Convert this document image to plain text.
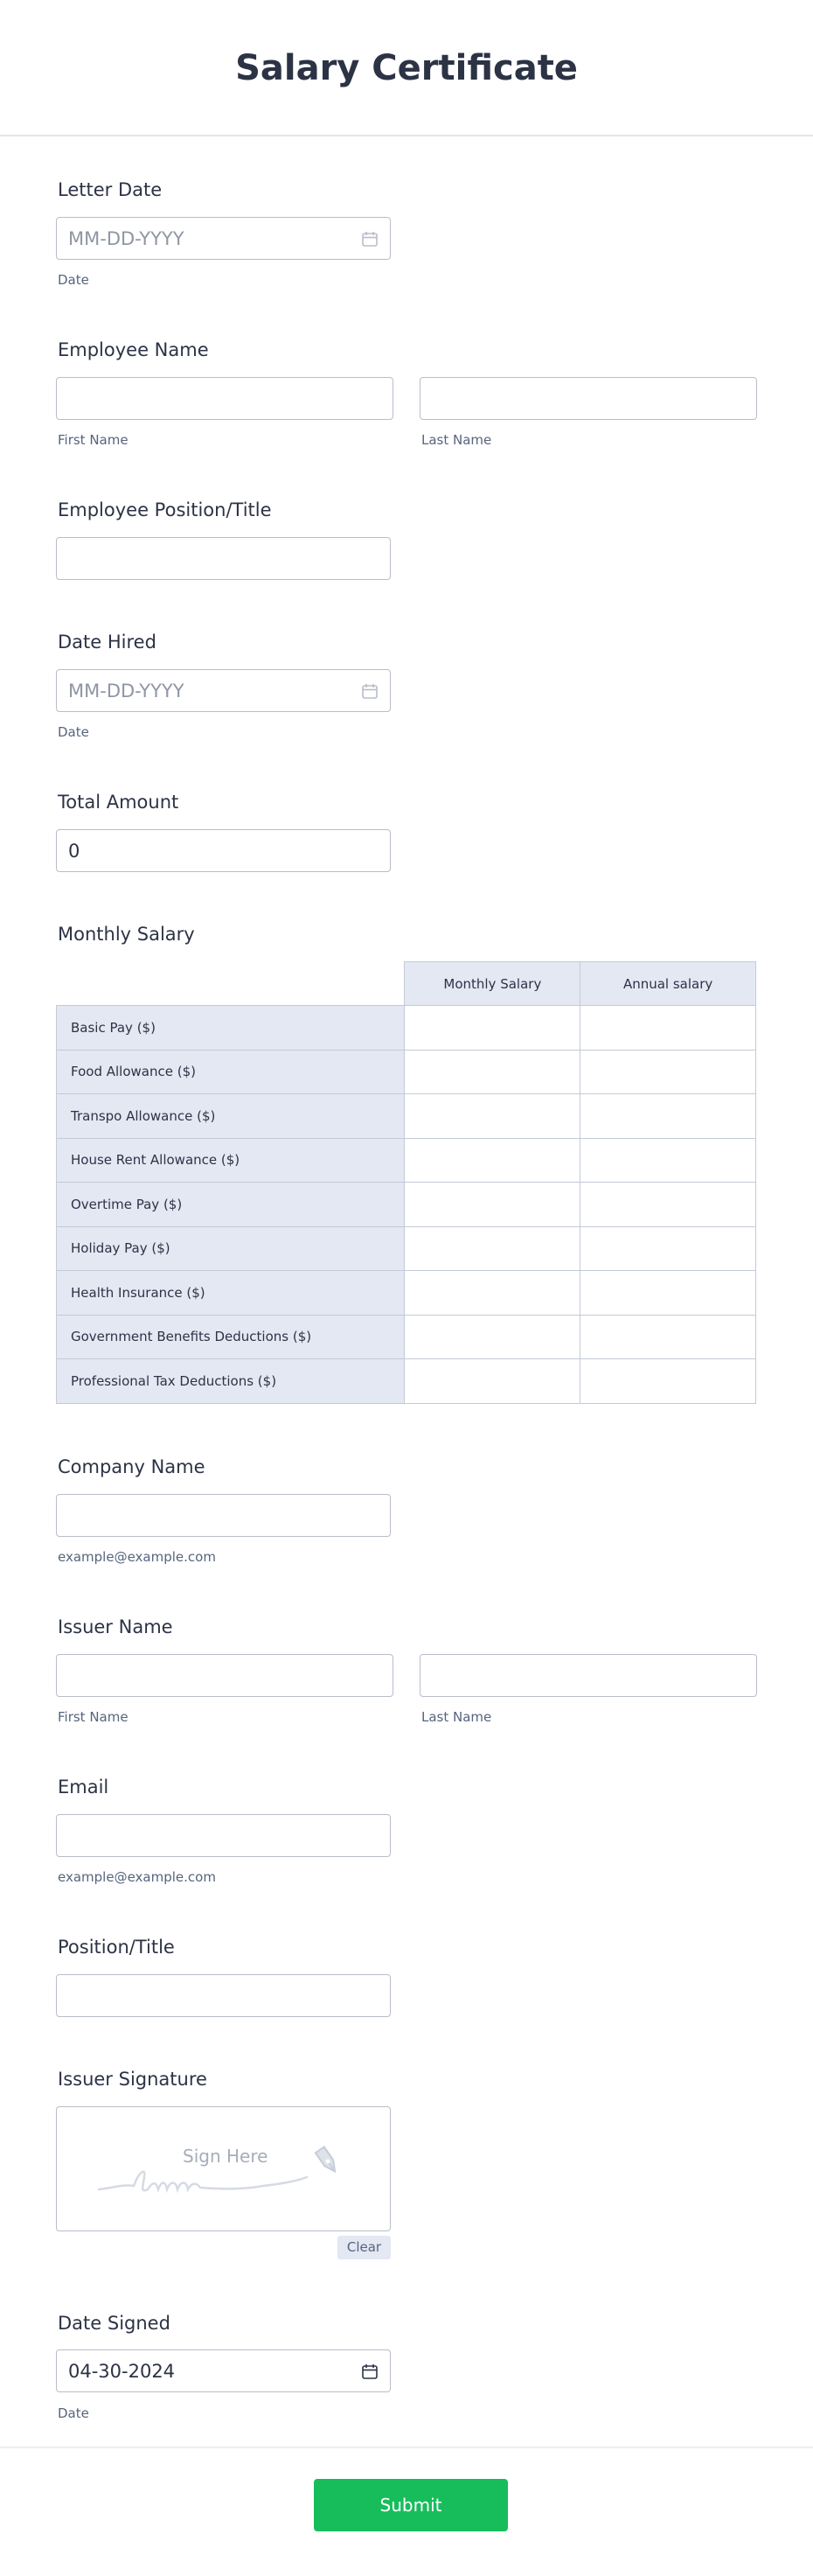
Salary Certificate
Letter Date
MM-DD-YYYY
Date
Employee Name
First Name	Last Name
Employee Position/Title
Date Hired
MM-DD-YYYY
Date
Total Amount
0
Monthly Salary
	Monthly Salary	Annual salary
Basic Pay ($)		
Food Allowance ($)		
Transpo Allowance ($)		
House Rent Allowance ($)		
Overtime Pay ($)		
Holiday Pay ($)		
Health Insurance ($)		
Government Benefits Deductions ($)		
Professional Tax Deductions ($)		
Company Name
example@example.com
Issuer Name
First Name	Last Name
Email
example@example.com
Position/Title
Issuer Signature
Sign Here
Clear
Date Signed
04-30-2024
Date
Submit
